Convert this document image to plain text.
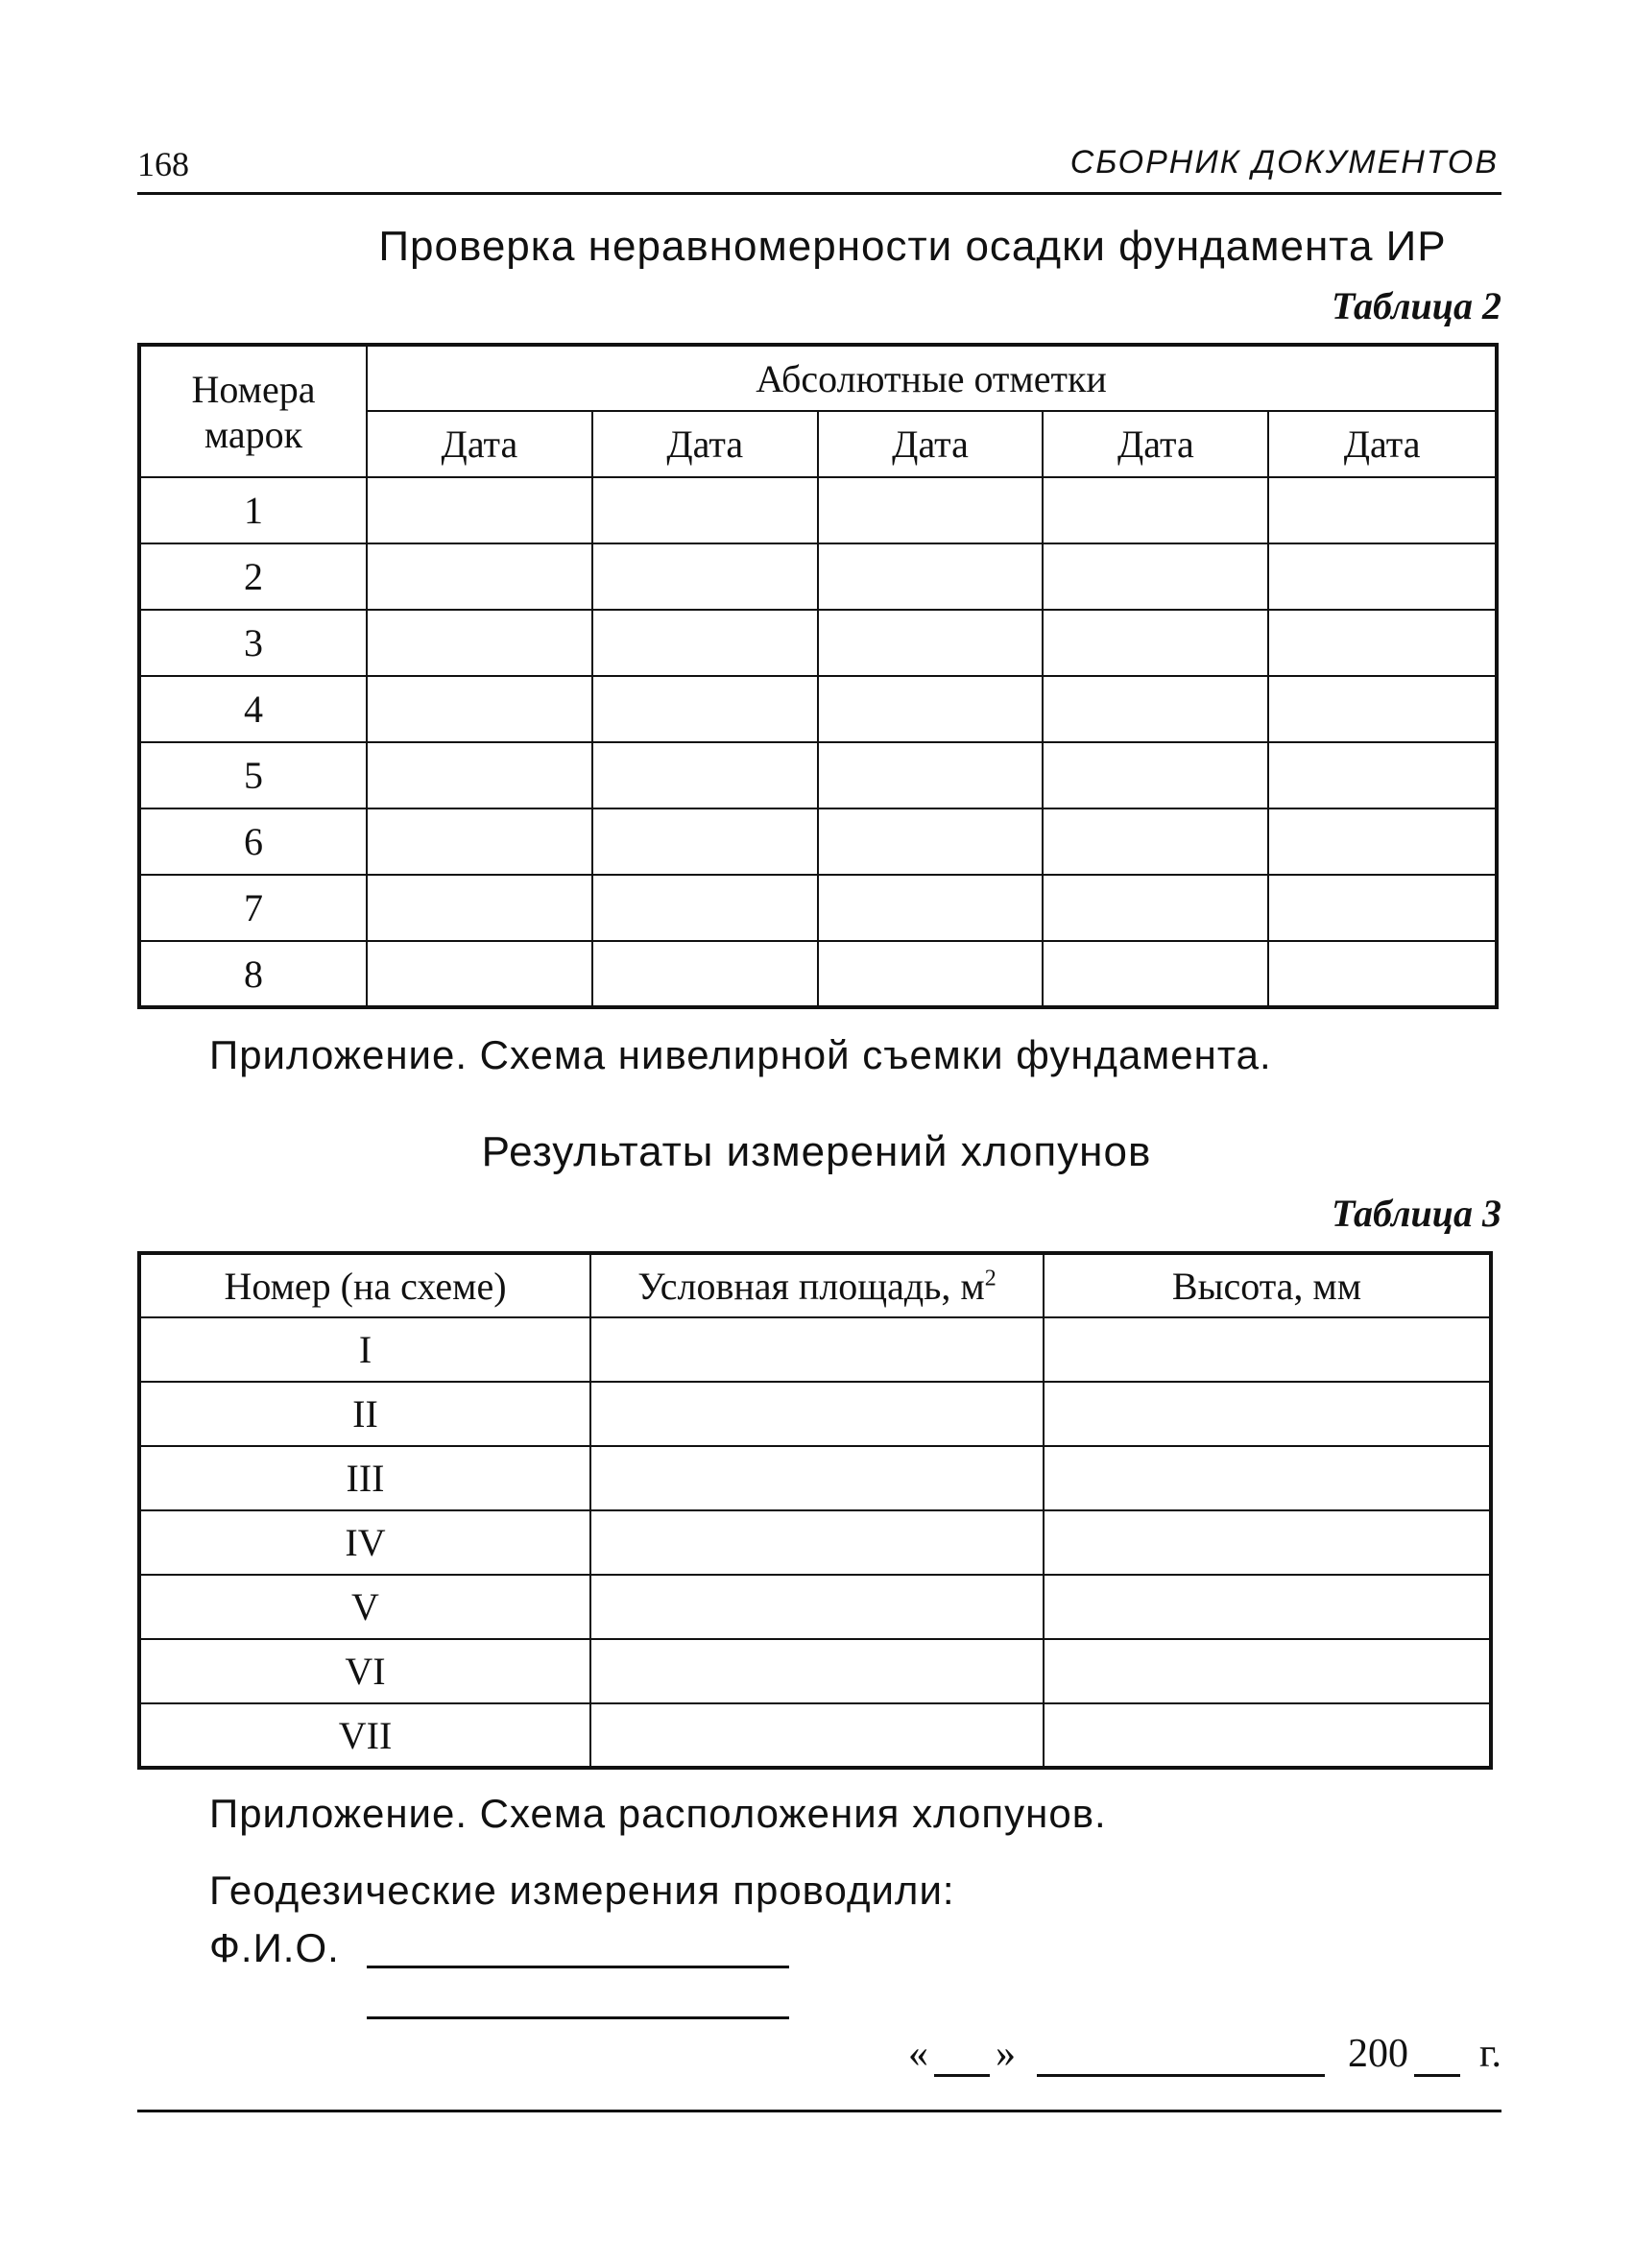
168	СБОРНИК ДОКУМЕНТОВ
Проверка неравномерности осадки фундамента ИР
Таблица 2
Номера марок	Абсолютные отметки				
	Дата	Дата	Дата	Дата	Дата
1					
2					
3					
4					
5					
6					
7					
8					
Приложение. Схема нивелирной съемки фундамента.
Результаты измерений хлопунов
Таблица 3
Номер (на схеме)	Условная площадь, $м^2$	Высота, мм
I		
II		
III		
IV		
V		
VI		
VII		
Приложение. Схема расположения хлопунов.
Геодезические измерения проводили:
Ф.И.О.
« »	200 г.
